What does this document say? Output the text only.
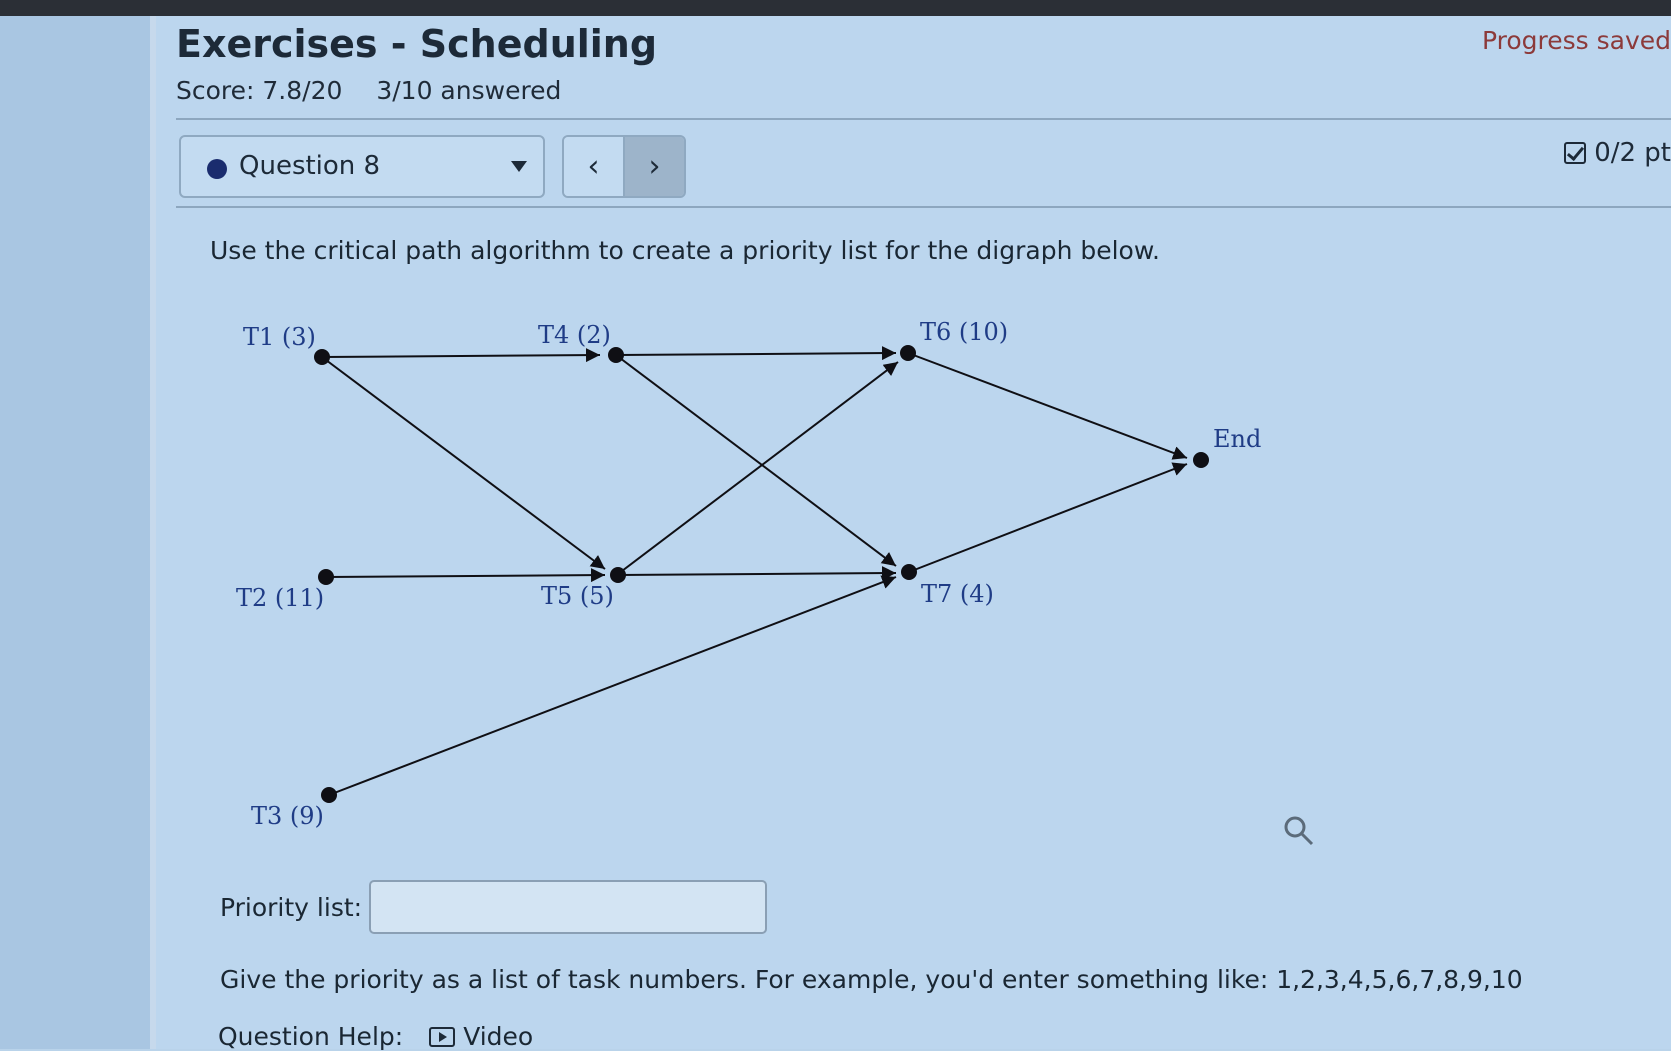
Exercises - Scheduling
Score: 7.8/20 3/10 answered
Progress saved
Question 8	‹	›	0/2 pt
Use the critical path algorithm to create a priority list for the digraph below.
T1 (3)
T2 (11)
T3 (9)
T4 (2)
T5 (5)
T6 (10)
T7 (4)
End
Priority list:
Give the priority as a list of task numbers. For example, you'd enter something like: 1,2,3,4,5,6,7,8,9,10
Question Help: Video
